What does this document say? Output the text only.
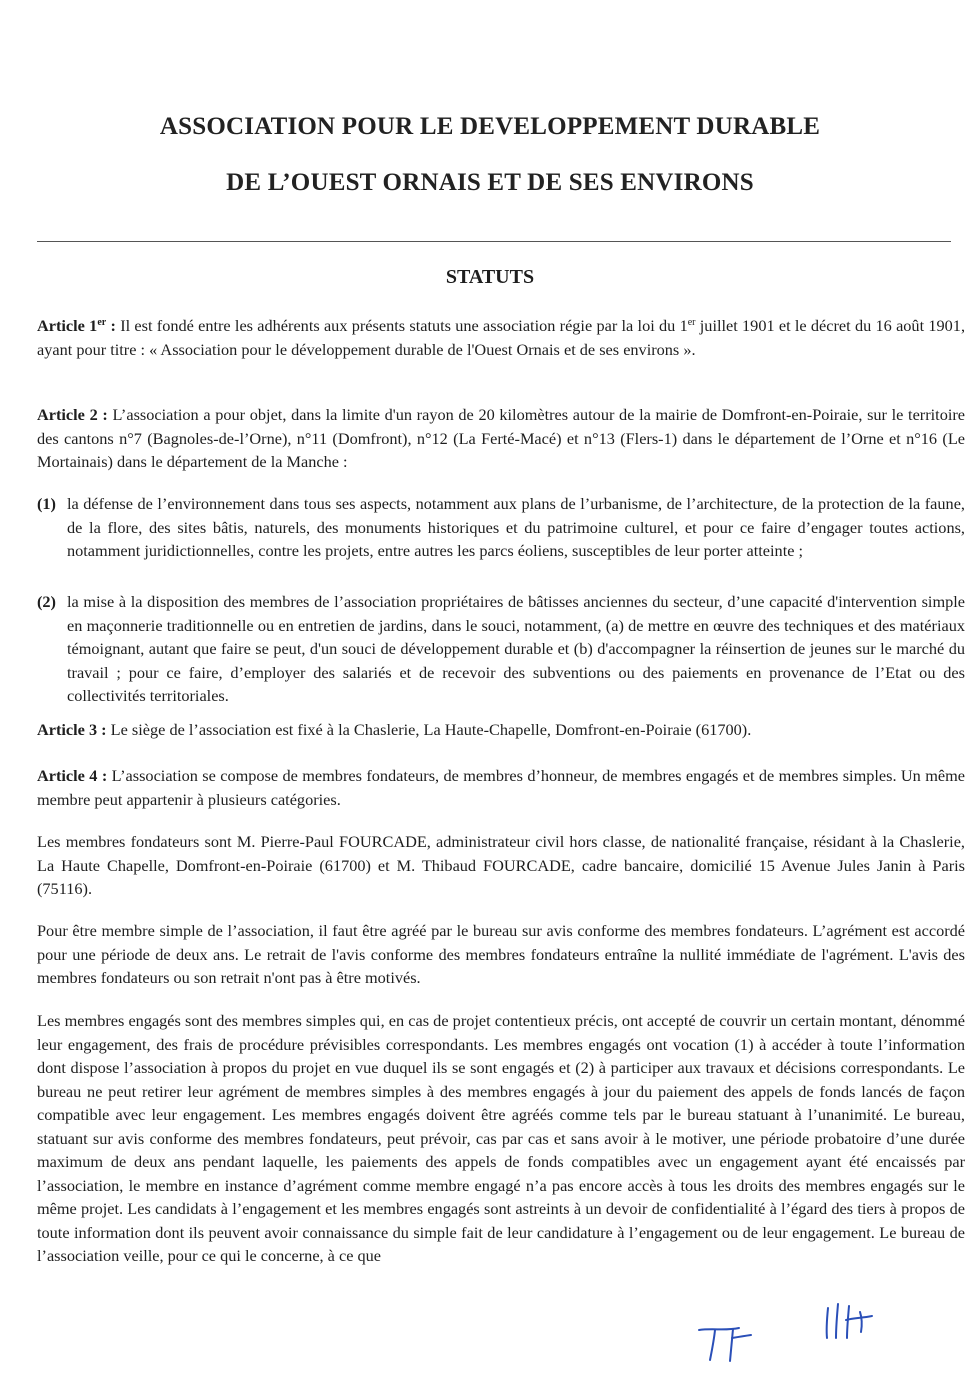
ASSOCIATION POUR LE DEVELOPPEMENT DURABLE
DE L’OUEST ORNAIS ET DE SES ENVIRONS
STATUTS

Article 1er : Il est fondé entre les adhérents aux présents statuts une association régie par la loi du 1er juillet 1901 et le décret du 16 août 1901, ayant pour titre : « Association pour le développement durable de l'Ouest Ornais et de ses environs ».

Article 2 : L’association a pour objet, dans la limite d'un rayon de 20 kilomètres autour de la mairie de Domfront-en-Poiraie, sur le territoire des cantons n°7 (Bagnoles-de-l’Orne), n°11 (Domfront), n°12 (La Ferté-Macé) et n°13 (Flers-1) dans le département de l’Orne et n°16 (Le Mortainais) dans le département de la Manche :

(1) la défense de l’environnement dans tous ses aspects, notamment aux plans de l’urbanisme, de l’architecture, de la protection de la faune, de la flore, des sites bâtis, naturels, des monuments historiques et du patrimoine culturel, et pour ce faire d’engager toutes actions, notamment juridictionnelles, contre les projets, entre autres les parcs éoliens, susceptibles de leur porter atteinte ;
(2) la mise à la disposition des membres de l’association propriétaires de bâtisses anciennes du secteur, d’une capacité d'intervention simple en maçonnerie traditionnelle ou en entretien de jardins, dans le souci, notamment, (a) de mettre en œuvre des techniques et des matériaux témoignant, autant que faire se peut, d'un souci de développement durable et (b) d'accompagner la réinsertion de jeunes sur le marché du travail ; pour ce faire, d’employer des salariés et de recevoir des subventions ou des paiements en provenance de l’Etat ou des collectivités territoriales.

Article 3 : Le siège de l’association est fixé à la Chaslerie, La Haute-Chapelle, Domfront-en-Poiraie (61700).

Article 4 : L’association se compose de membres fondateurs, de membres d’honneur, de membres engagés et de membres simples. Un même membre peut appartenir à plusieurs catégories.

Les membres fondateurs sont M. Pierre-Paul FOURCADE, administrateur civil hors classe, de nationalité française, résidant à la Chaslerie, La Haute Chapelle, Domfront-en-Poiraie (61700) et M. Thibaud FOURCADE, cadre bancaire, domicilié 15 Avenue Jules Janin à Paris (75116).

Pour être membre simple de l’association, il faut être agréé par le bureau sur avis conforme des membres fondateurs. L’agrément est accordé pour une période de deux ans. Le retrait de l'avis conforme des membres fondateurs entraîne la nullité immédiate de l'agrément. L'avis des membres fondateurs ou son retrait n'ont pas à être motivés.

Les membres engagés sont des membres simples qui, en cas de projet contentieux précis, ont accepté de couvrir un certain montant, dénommé leur engagement, des frais de procédure prévisibles correspondants. Les membres engagés ont vocation (1) à accéder à toute l’information dont dispose l’association à propos du projet en vue duquel ils se sont engagés et (2) à participer aux travaux et décisions correspondants. Le bureau ne peut retirer leur agrément de membres simples à des membres engagés à jour du paiement des appels de fonds lancés de façon compatible avec leur engagement. Les membres engagés doivent être agréés comme tels par le bureau statuant à l’unanimité. Le bureau, statuant sur avis conforme des membres fondateurs, peut prévoir, cas par cas et sans avoir à le motiver, une période probatoire d’une durée maximum de deux ans pendant laquelle, les paiements des appels de fonds compatibles avec un engagement ayant été encaissés par l’association, le membre en instance d’agrément comme membre engagé n’a pas encore accès à tous les droits des membres engagés sur le même projet. Les candidats à l’engagement et les membres engagés sont astreints à un devoir de confidentialité à l’égard des tiers à propos de toute information dont ils peuvent avoir connaissance du simple fait de leur candidature à l’engagement ou de leur engagement. Le bureau de l’association veille, pour ce qui le concerne, à ce que
